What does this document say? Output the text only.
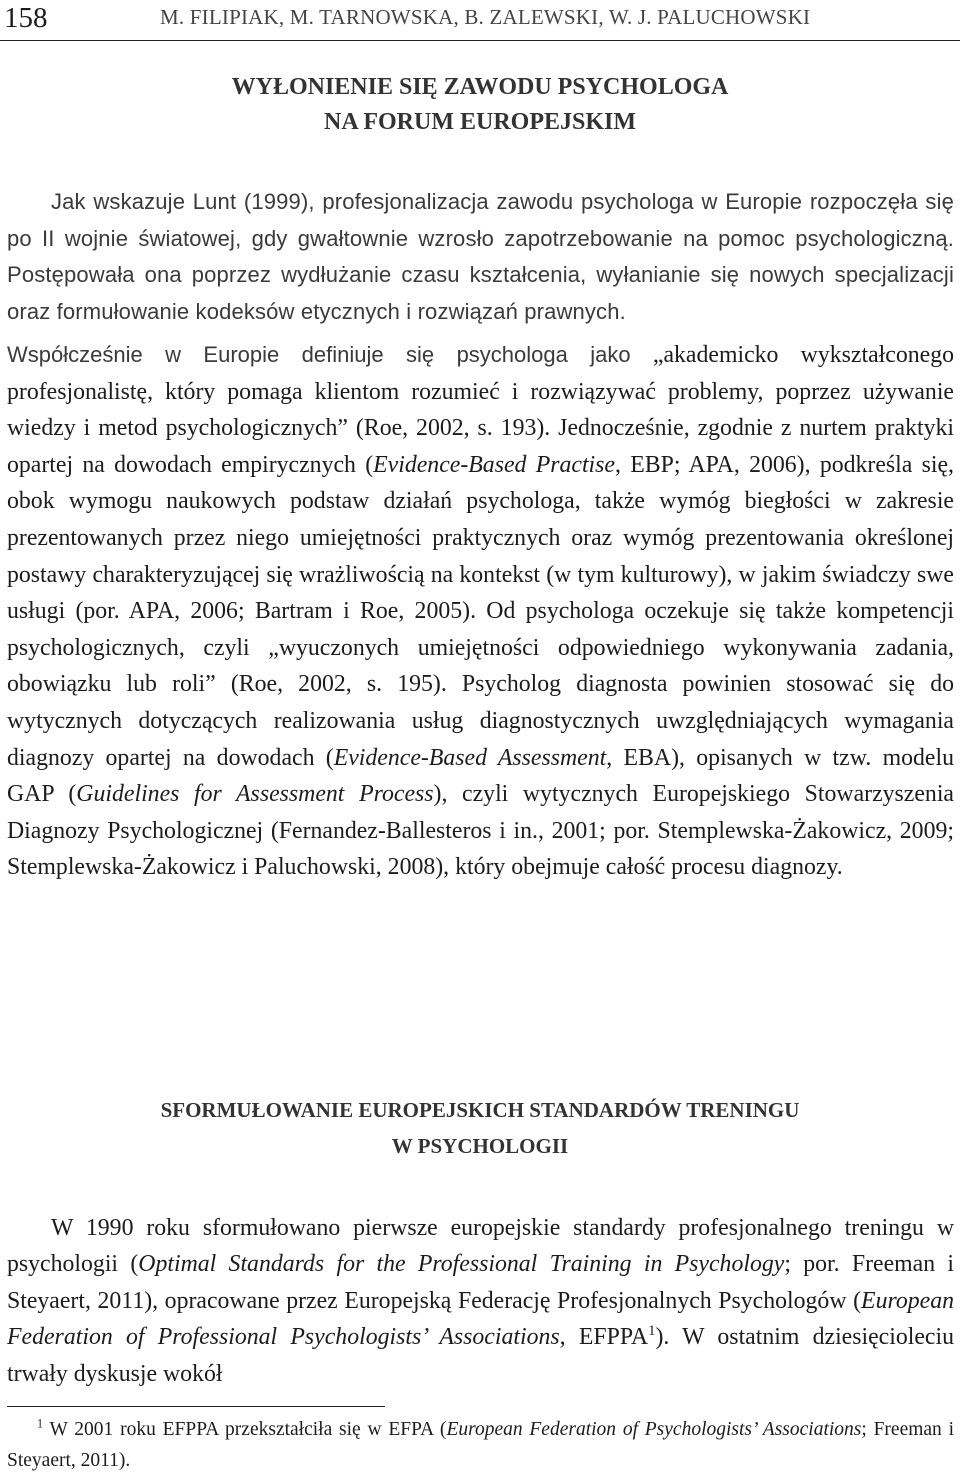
158	M. FILIPIAK, M. TARNOWSKA, B. ZALEWSKI, W. J. PALUCHOWSKI
WYŁONIENIE SIĘ ZAWODU PSYCHOLOGA
NA FORUM EUROPEJSKIM

Jak wskazuje Lunt (1999), profesjonalizacja zawodu psychologa w Europie rozpoczęła się po II wojnie światowej, gdy gwałtownie wzrosło zapotrzebowanie na pomoc psychologiczną. Postępowała ona poprzez wydłużanie czasu kształcenia, wyłanianie się nowych specjalizacji oraz formułowanie kodeksów etycznych i rozwiązań prawnych.

Współcześnie w Europie definiuje się psychologa jako „akademicko wykształconego profesjonalistę, który pomaga klientom rozumieć i rozwiązywać problemy, poprzez używanie wiedzy i metod psychologicznych” (Roe, 2002, s. 193). Jednocześnie, zgodnie z nurtem praktyki opartej na dowodach empirycznych (Evidence-Based Practise, EBP; APA, 2006), podkreśla się, obok wymogu naukowych podstaw działań psychologa, także wymóg biegłości w zakresie prezentowanych przez niego umiejętności praktycznych oraz wymóg prezentowania określonej postawy charakteryzującej się wrażliwością na kontekst (w tym kulturowy), w jakim świadczy swe usługi (por. APA, 2006; Bartram i Roe, 2005). Od psychologa oczekuje się także kompetencji psychologicznych, czyli „wyuczonych umiejętności odpowiedniego wykonywania zadania, obowiązku lub roli” (Roe, 2002, s. 195). Psycholog diagnosta powinien stosować się do wytycznych dotyczących realizowania usług diagnostycznych uwzględniających wymagania diagnozy opartej na dowodach (Evidence-Based Assessment, EBA), opisanych w tzw. modelu GAP (Guidelines for Assessment Process), czyli wytycznych Europejskiego Stowarzyszenia Diagnozy Psychologicznej (Fernandez-Ballesteros i in., 2001; por. Stemplewska-Żakowicz, 2009; Stemplewska-Żakowicz i Paluchowski, 2008), który obejmuje całość procesu diagnozy.

SFORMUŁOWANIE EUROPEJSKICH STANDARDÓW TRENINGU
W PSYCHOLOGII

W 1990 roku sformułowano pierwsze europejskie standardy profesjonalnego treningu w psychologii (Optimal Standards for the Professional Training in Psychology; por. Freeman i Steyaert, 2011), opracowane przez Europejską Federację Profesjonalnych Psychologów (European Federation of Professional Psychologists’ Associations, EFPPA$^1$). W ostatnim dziesięcioleciu trwały dyskusje wokół

$^1$ W 2001 roku EFPPA przekształciła się w EFPA (European Federation of Psychologists’ Associations; Freeman i Steyaert, 2011).
